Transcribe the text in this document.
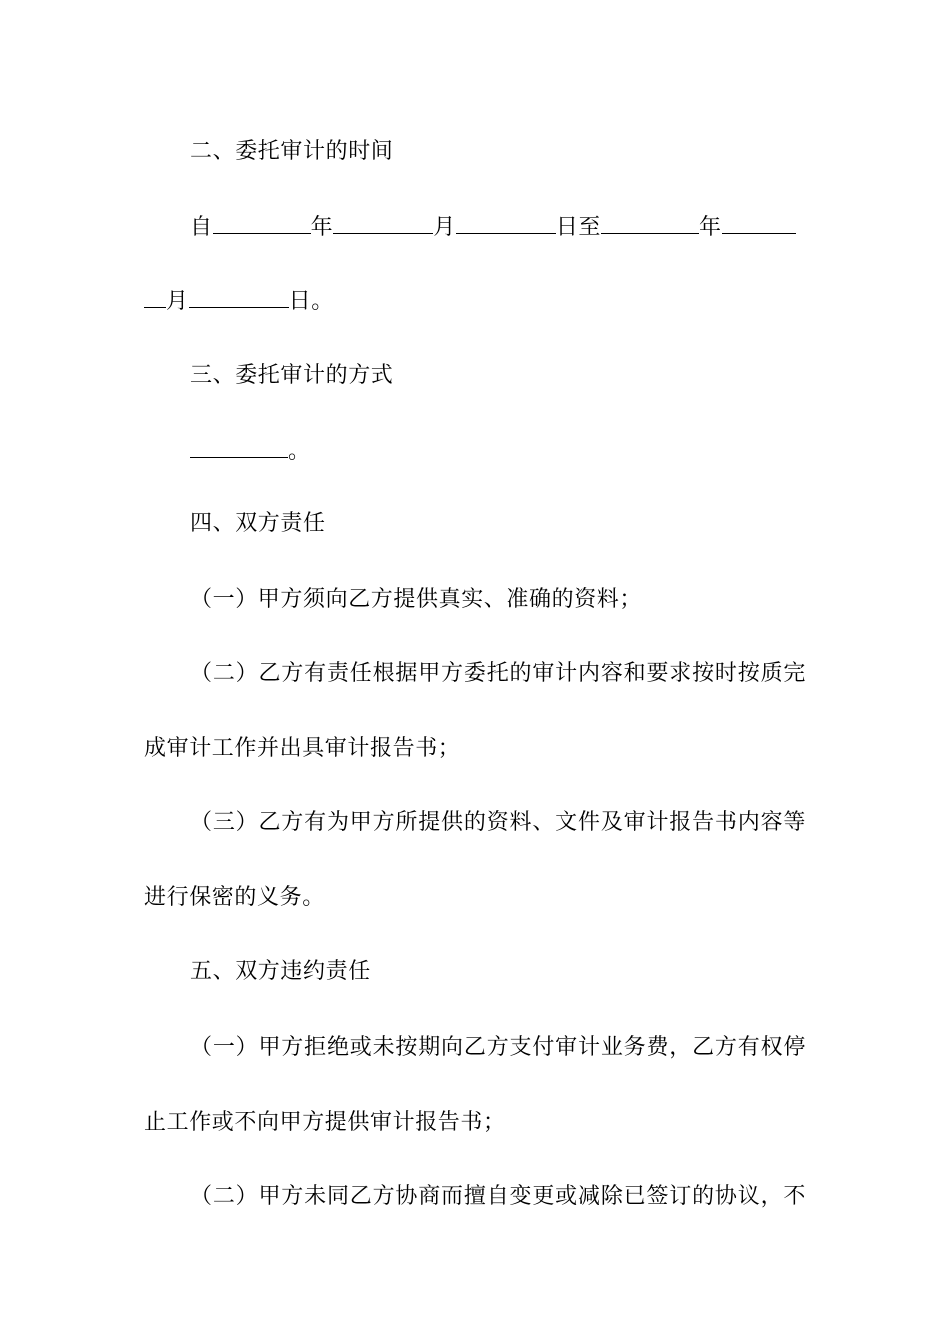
二、委托审计的时间
自	年	月	日至	年
月	日。
三、委托审计的方式
。
四、双方责任
（一）甲方须向乙方提供真实、准确的资料；
（二）乙方有责任根据甲方委托的审计内容和要求按时按质完
成审计工作并出具审计报告书；
（三）乙方有为甲方所提供的资料、文件及审计报告书内容等
进行保密的义务。
五、双方违约责任
（一）甲方拒绝或未按期向乙方支付审计业务费，乙方有权停
止工作或不向甲方提供审计报告书；
（二）甲方未同乙方协商而擅自变更或减除已签订的协议，不
